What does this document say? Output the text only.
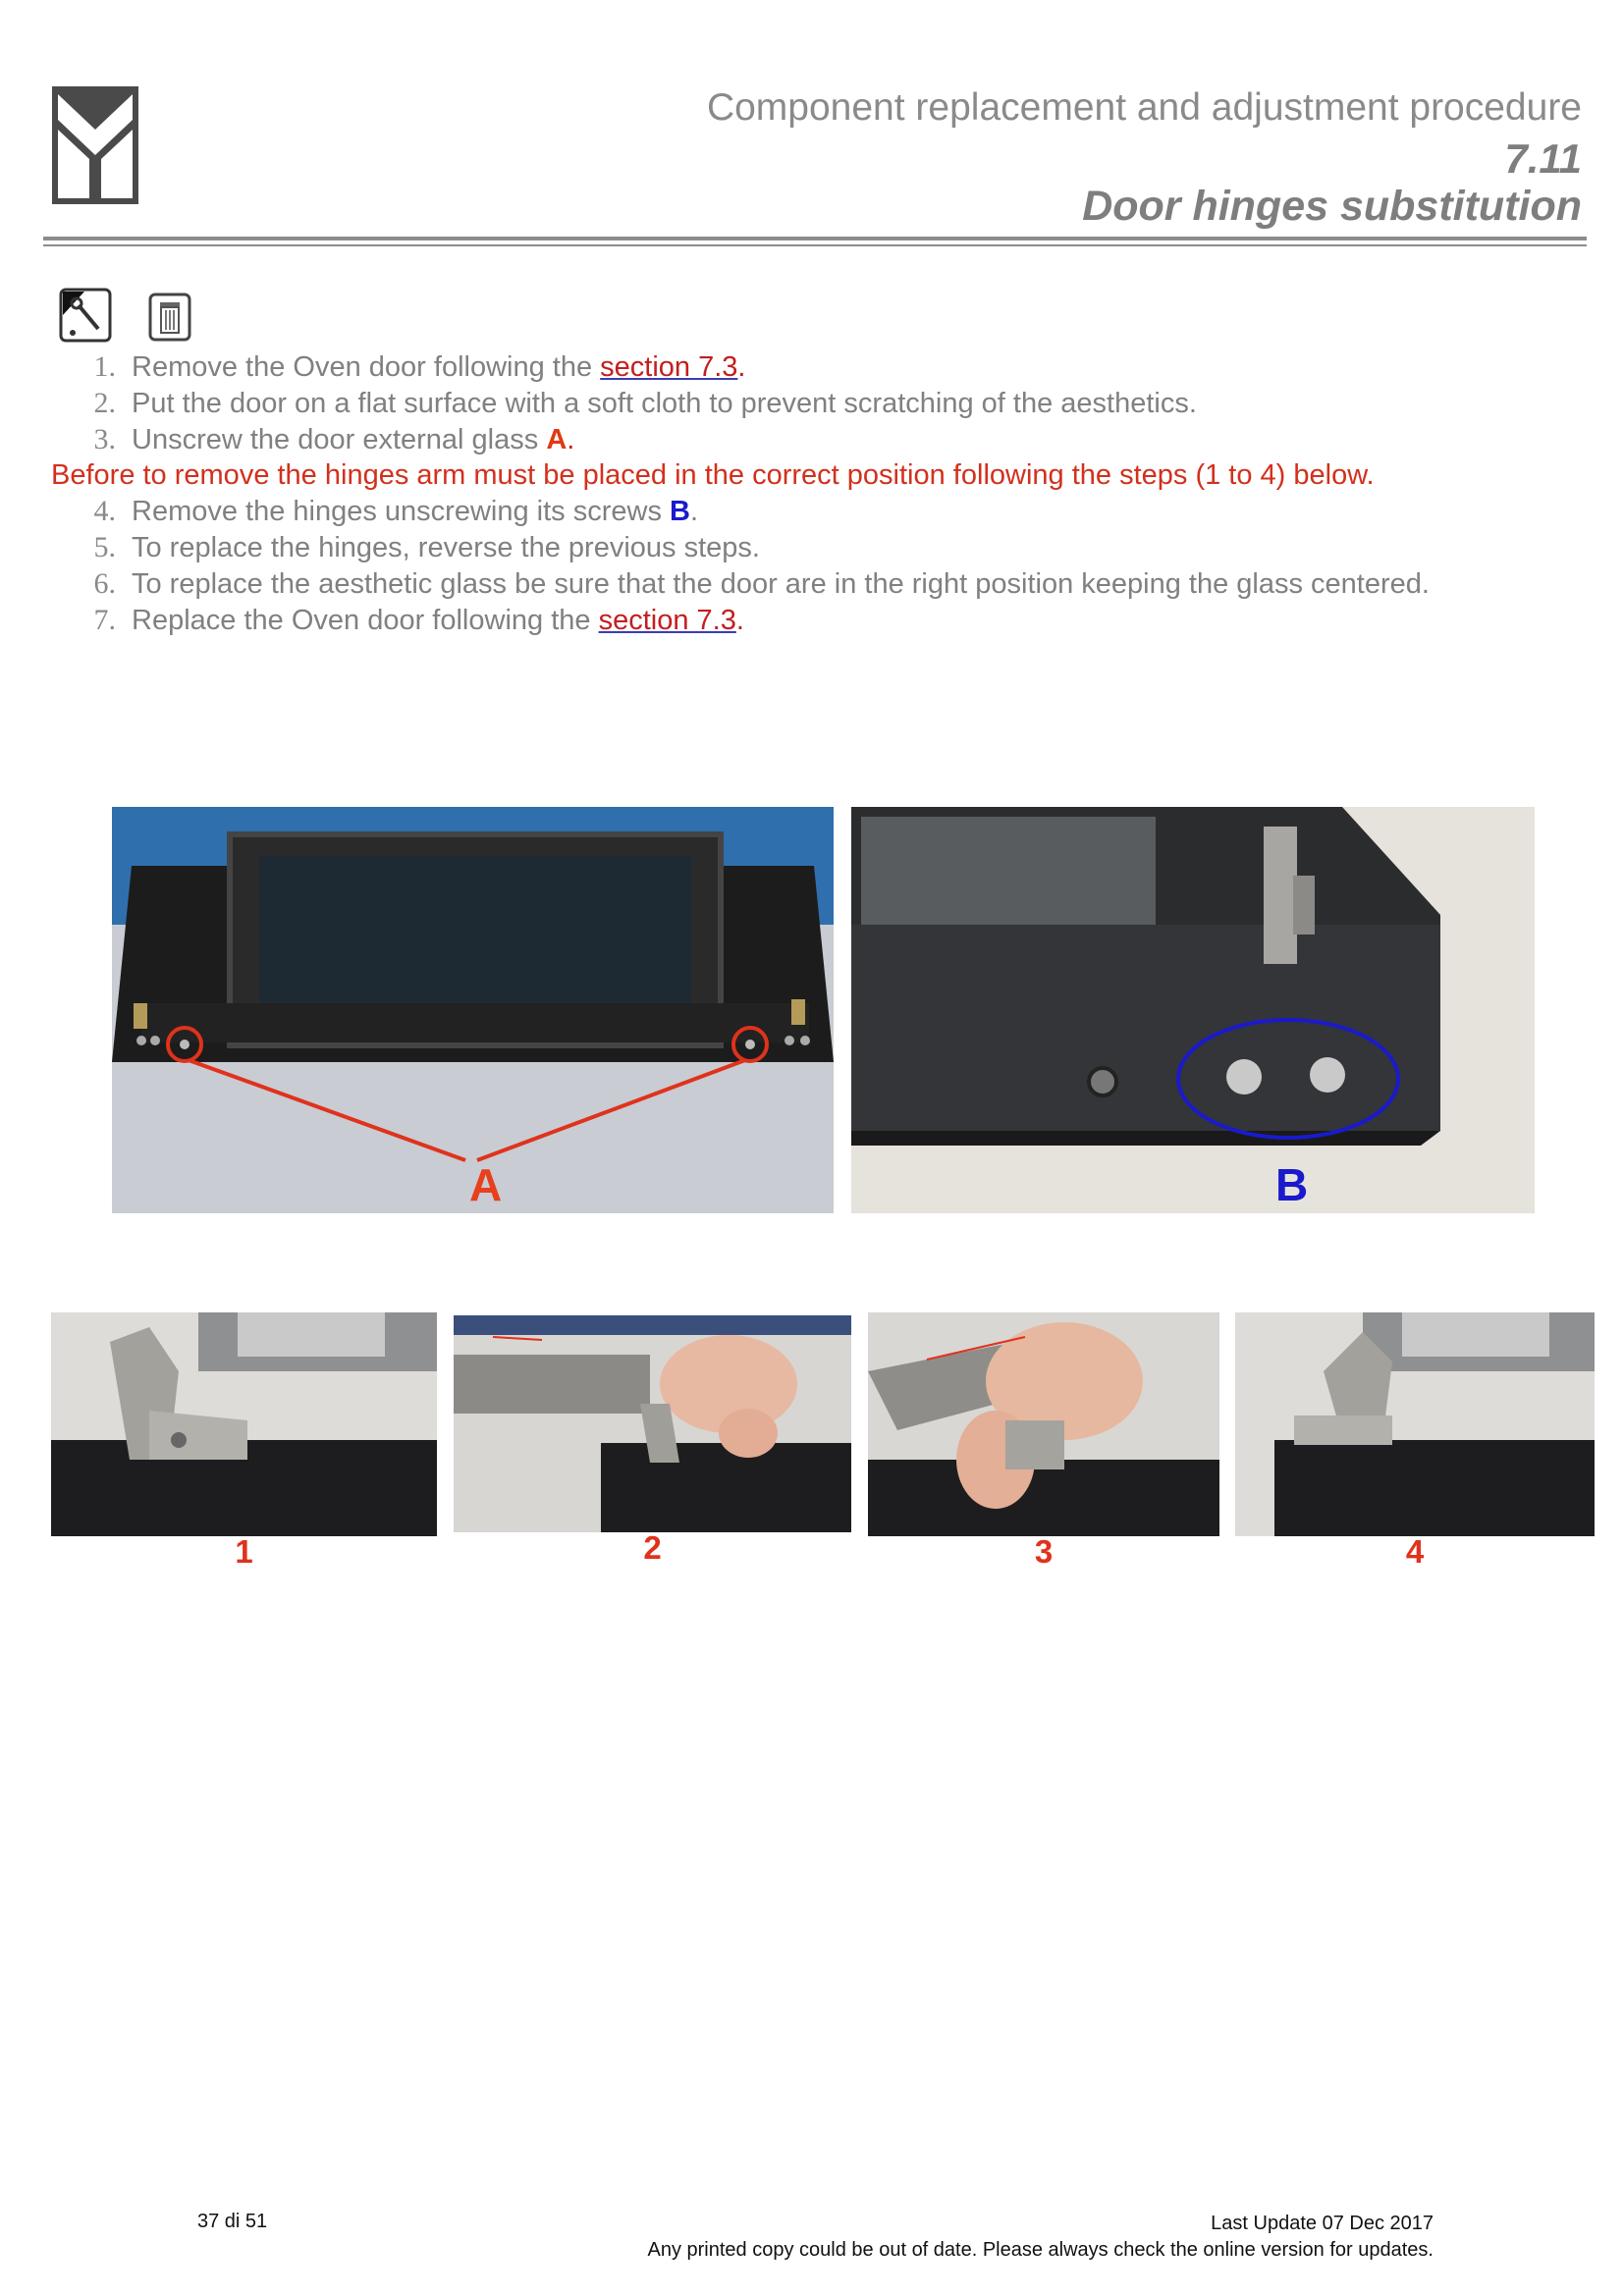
Component replacement and adjustment procedure
7.11
Door hinges substitution
1. Remove the Oven door following the section 7.3.
2. Put the door on a flat surface with a soft cloth to prevent scratching of the aesthetics.
3. Unscrew the door external glass A.
Before to remove the hinges arm must be placed in the correct position following the steps (1 to 4) below.
4. Remove the hinges unscrewing its screws B.
5. To replace the hinges, reverse the previous steps.
6. To replace the aesthetic glass be sure that the door are in the right position keeping the glass centered.
7. Replace the Oven door following the section 7.3.
A	B
1	2	3	4
37 di 51	Last Update 07 Dec 2017
Any printed copy could be out of date. Please always check the online version for updates.
